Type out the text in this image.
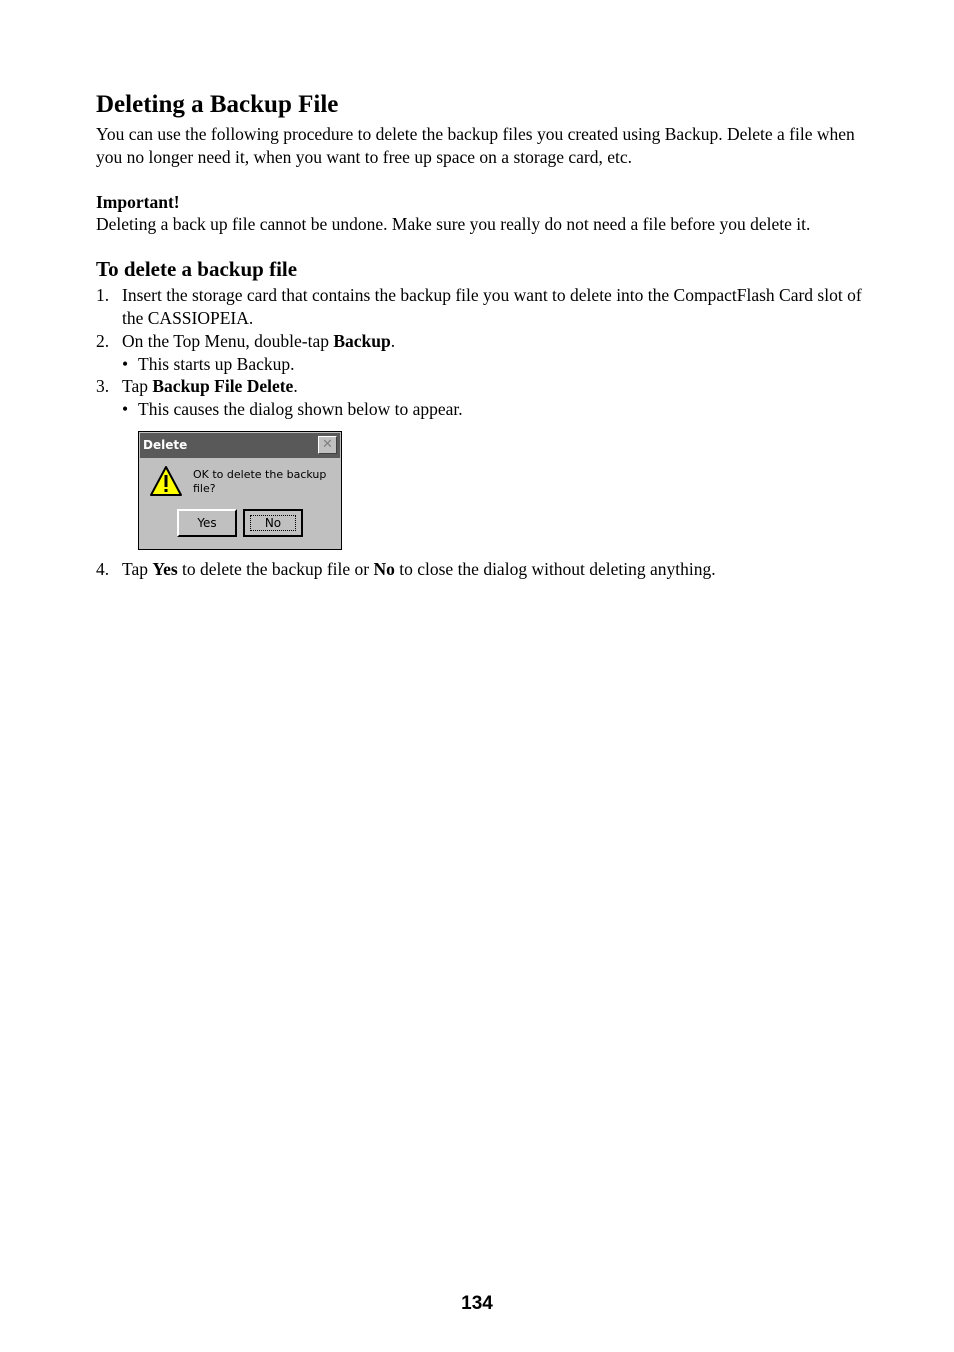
Deleting a Backup File

You can use the following procedure to delete the backup files you created using Backup. Delete a file when you no longer need it, when you want to free up space on a storage card, etc.

Important!

Deleting a back up file cannot be undone. Make sure you really do not need a file before you delete it.

To delete a backup file
1. Insert the storage card that contains the backup file you want to delete into the CompactFlash Card slot of the CASSIOPEIA.
2. On the Top Menu, double-tap Backup.
• This starts up Backup.
3. Tap Backup File Delete.
• This causes the dialog shown below to appear.
Delete	✕
OK to delete the backup file?
Yes	No
4. Tap Yes to delete the backup file or No to close the dialog without deleting anything.
134
